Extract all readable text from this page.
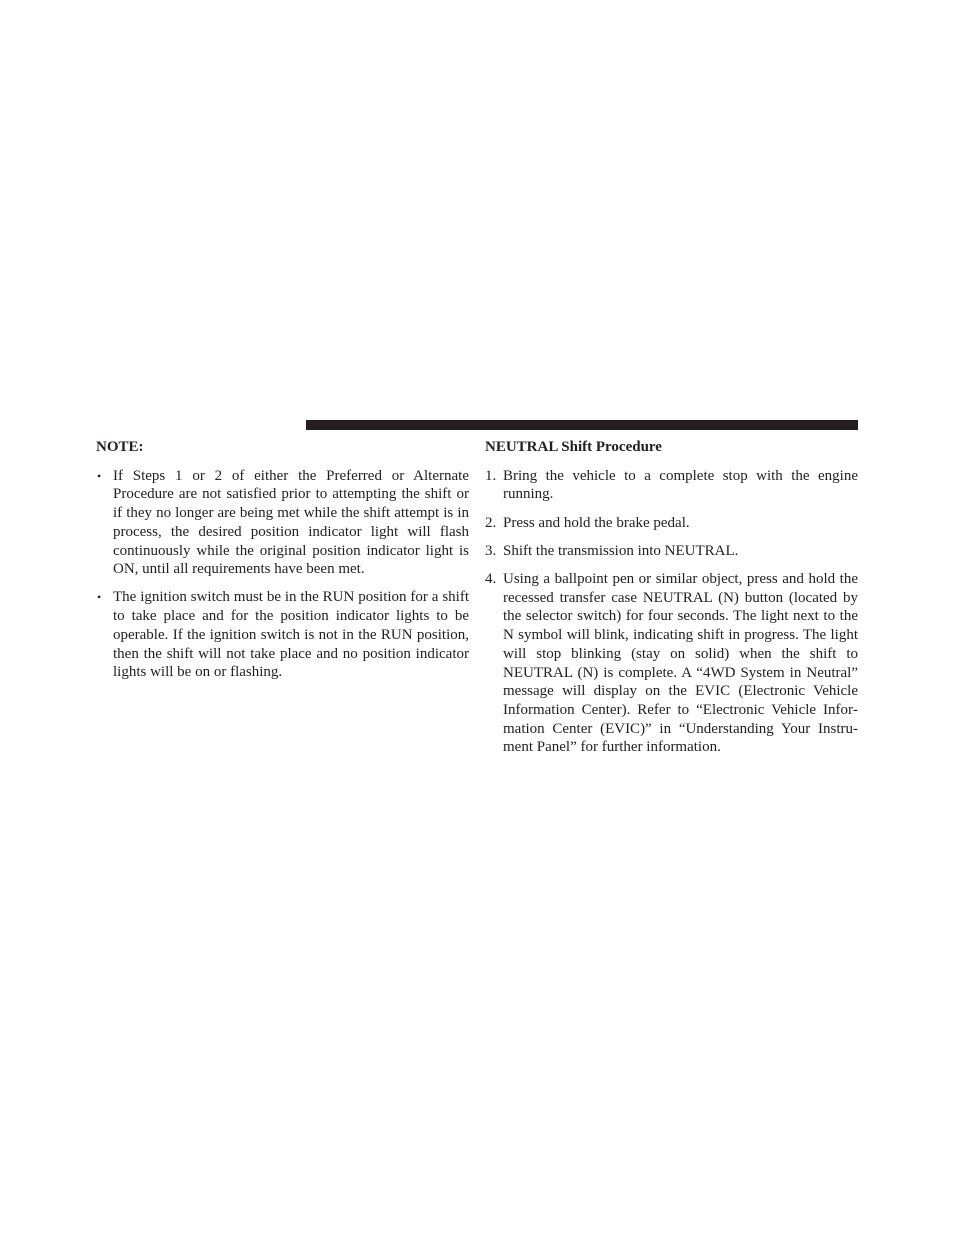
NOTE:
• If Steps 1 or 2 of either the Preferred or Alternate Procedure are not satisfied prior to attempting the shift or if they no longer are being met while the shift attempt is in process, the desired position indicator light will flash continuously while the original position indicator light is ON, until all requirements have been met.
• The ignition switch must be in the RUN position for a shift to take place and for the position indicator lights to be operable. If the ignition switch is not in the RUN position, then the shift will not take place and no position indicator lights will be on or flashing.
NEUTRAL Shift Procedure
1. Bring the vehicle to a complete stop with the engine running.
2. Press and hold the brake pedal.
3. Shift the transmission into NEUTRAL.
4. Using a ballpoint pen or similar object, press and hold the recessed transfer case NEUTRAL (N) button (located by the selector switch) for four seconds. The light next to the N symbol will blink, indicating shift in progress. The light will stop blinking (stay on solid) when the shift to NEUTRAL (N) is complete. A “4WD System in Neutral” message will display on the EVIC (Electronic Vehicle Information Center). Refer to “Electronic Vehicle Information Center (EVIC)” in “Understanding Your Instrument Panel” for further information.
